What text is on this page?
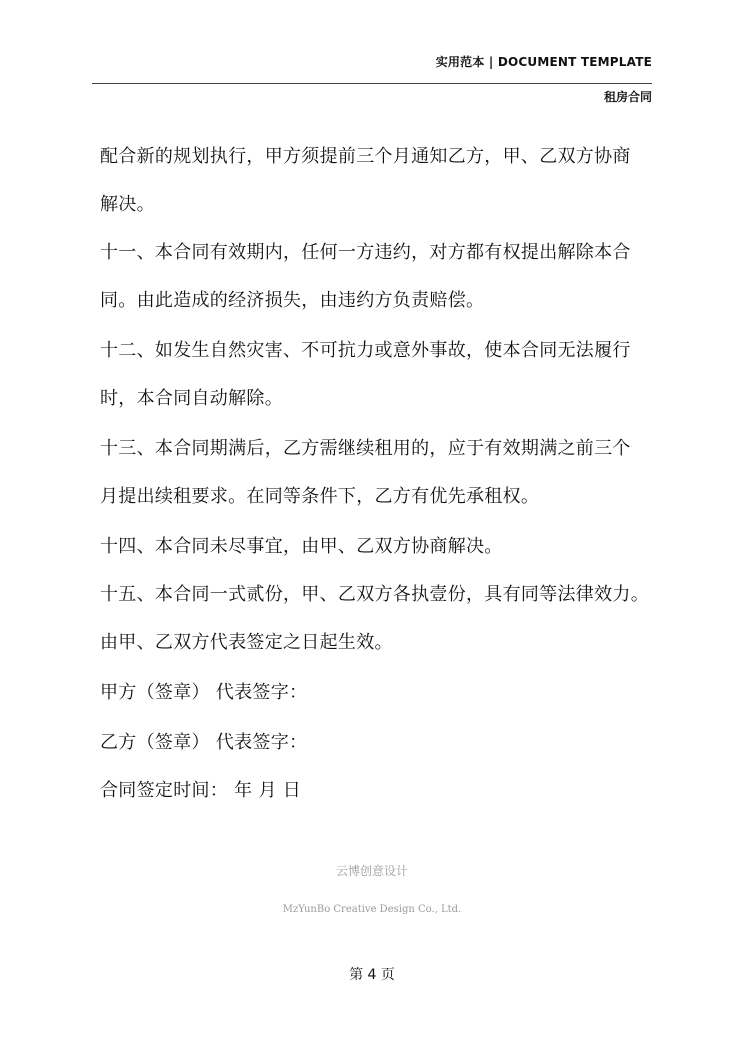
实用范本 | DOCUMENT TEMPLATE
租房合同
配合新的规划执行，甲方须提前三个月通知乙方，甲、乙双方协商
解决。
十一、本合同有效期内，任何一方违约，对方都有权提出解除本合
同。由此造成的经济损失，由违约方负责赔偿。
十二、如发生自然灾害、不可抗力或意外事故，使本合同无法履行
时，本合同自动解除。
十三、本合同期满后，乙方需继续租用的，应于有效期满之前三个
月提出续租要求。在同等条件下，乙方有优先承租权。
十四、本合同未尽事宜，由甲、乙双方协商解决。
十五、本合同一式贰份，甲、乙双方各执壹份，具有同等法律效力。
由甲、乙双方代表签定之日起生效。
甲方（签章） 代表签字：
乙方（签章） 代表签字：
合同签定时间： 年 月 日
云博创意设计
MzYunBo Creative Design Co., Ltd.
第 4 页
